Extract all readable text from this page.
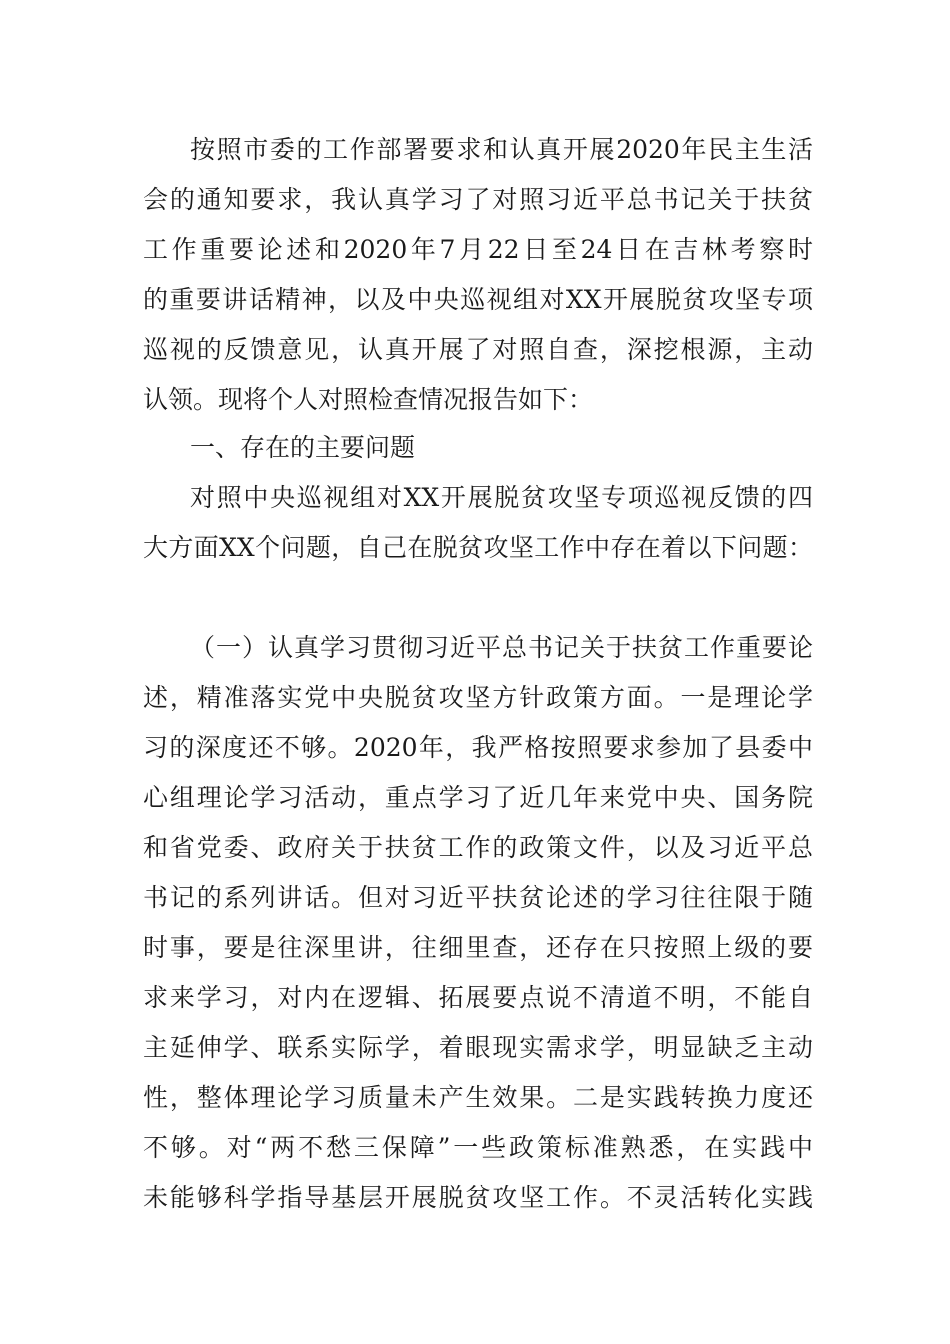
按照市委的工作部署要求和认真开展2020年民主生活
会的通知要求，我认真学习了对照习近平总书记关于扶贫
工作重要论述和2020年7月22日至24日在吉林考察时
的重要讲话精神，以及中央巡视组对XX开展脱贫攻坚专项
巡视的反馈意见，认真开展了对照自查，深挖根源，主动
认领。现将个人对照检查情况报告如下：
一、存在的主要问题
对照中央巡视组对XX开展脱贫攻坚专项巡视反馈的四
大方面XX个问题，自己在脱贫攻坚工作中存在着以下问题：
（一）认真学习贯彻习近平总书记关于扶贫工作重要论
述，精准落实党中央脱贫攻坚方针政策方面。一是理论学
习的深度还不够。2020年，我严格按照要求参加了县委中
心组理论学习活动，重点学习了近几年来党中央、国务院
和省党委、政府关于扶贫工作的政策文件，以及习近平总
书记的系列讲话。但对习近平扶贫论述的学习往往限于随
时事，要是往深里讲，往细里查，还存在只按照上级的要
求来学习，对内在逻辑、拓展要点说不清道不明，不能自
主延伸学、联系实际学，着眼现实需求学，明显缺乏主动
性，整体理论学习质量未产生效果。二是实践转换力度还
不够。对“两不愁三保障”一些政策标准熟悉，在实践中
未能够科学指导基层开展脱贫攻坚工作。不灵活转化实践
